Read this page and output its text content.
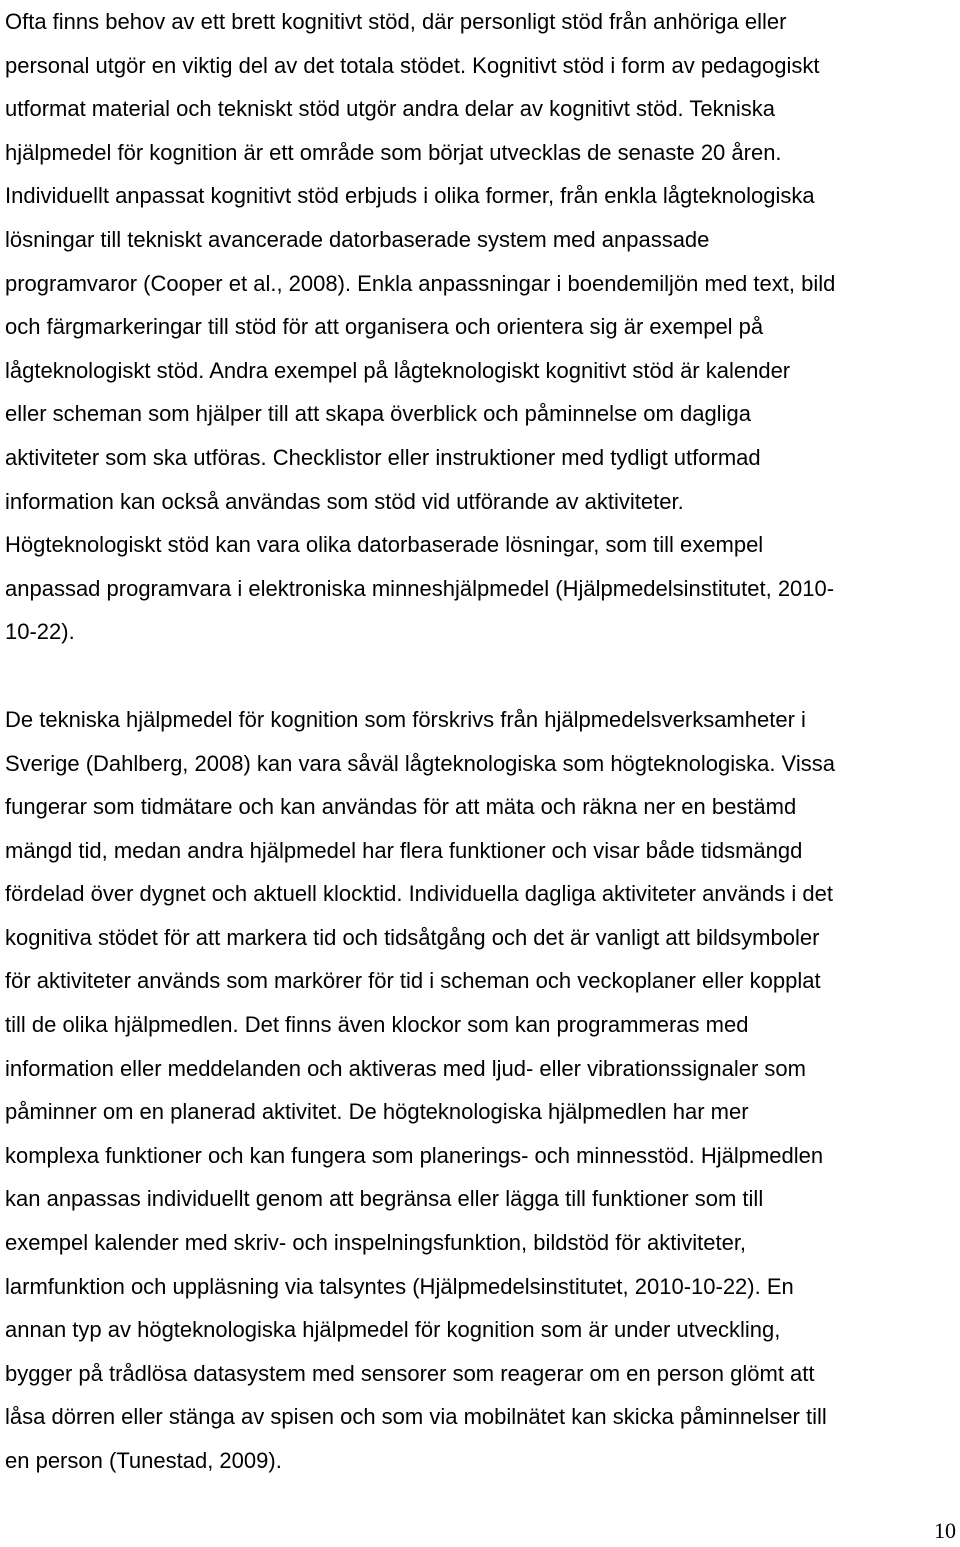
Ofta finns behov av ett brett kognitivt stöd, där personligt stöd från anhöriga eller
personal utgör en viktig del av det totala stödet. Kognitivt stöd i form av pedagogiskt
utformat material och tekniskt stöd utgör andra delar av kognitivt stöd. Tekniska
hjälpmedel för kognition är ett område som börjat utvecklas de senaste 20 åren.
Individuellt anpassat kognitivt stöd erbjuds i olika former, från enkla lågteknologiska
lösningar till tekniskt avancerade datorbaserade system med anpassade
programvaror (Cooper et al., 2008). Enkla anpassningar i boendemiljön med text, bild
och färgmarkeringar till stöd för att organisera och orientera sig är exempel på
lågteknologiskt stöd. Andra exempel på lågteknologiskt kognitivt stöd är kalender
eller scheman som hjälper till att skapa överblick och påminnelse om dagliga
aktiviteter som ska utföras. Checklistor eller instruktioner med tydligt utformad
information kan också användas som stöd vid utförande av aktiviteter.
Högteknologiskt stöd kan vara olika datorbaserade lösningar, som till exempel
anpassad programvara i elektroniska minneshjälpmedel (Hjälpmedelsinstitutet, 2010-
10-22).
De tekniska hjälpmedel för kognition som förskrivs från hjälpmedelsverksamheter i
Sverige (Dahlberg, 2008) kan vara såväl lågteknologiska som högteknologiska. Vissa
fungerar som tidmätare och kan användas för att mäta och räkna ner en bestämd
mängd tid, medan andra hjälpmedel har flera funktioner och visar både tidsmängd
fördelad över dygnet och aktuell klocktid. Individuella dagliga aktiviteter används i det
kognitiva stödet för att markera tid och tidsåtgång och det är vanligt att bildsymboler
för aktiviteter används som markörer för tid i scheman och veckoplaner eller kopplat
till de olika hjälpmedlen. Det finns även klockor som kan programmeras med
information eller meddelanden och aktiveras med ljud- eller vibrationssignaler som
påminner om en planerad aktivitet. De högteknologiska hjälpmedlen har mer
komplexa funktioner och kan fungera som planerings- och minnesstöd. Hjälpmedlen
kan anpassas individuellt genom att begränsa eller lägga till funktioner som till
exempel kalender med skriv- och inspelningsfunktion, bildstöd för aktiviteter,
larmfunktion och uppläsning via talsyntes (Hjälpmedelsinstitutet, 2010-10-22). En
annan typ av högteknologiska hjälpmedel för kognition som är under utveckling,
bygger på trådlösa datasystem med sensorer som reagerar om en person glömt att
låsa dörren eller stänga av spisen och som via mobilnätet kan skicka påminnelser till
en person (Tunestad, 2009).
10
